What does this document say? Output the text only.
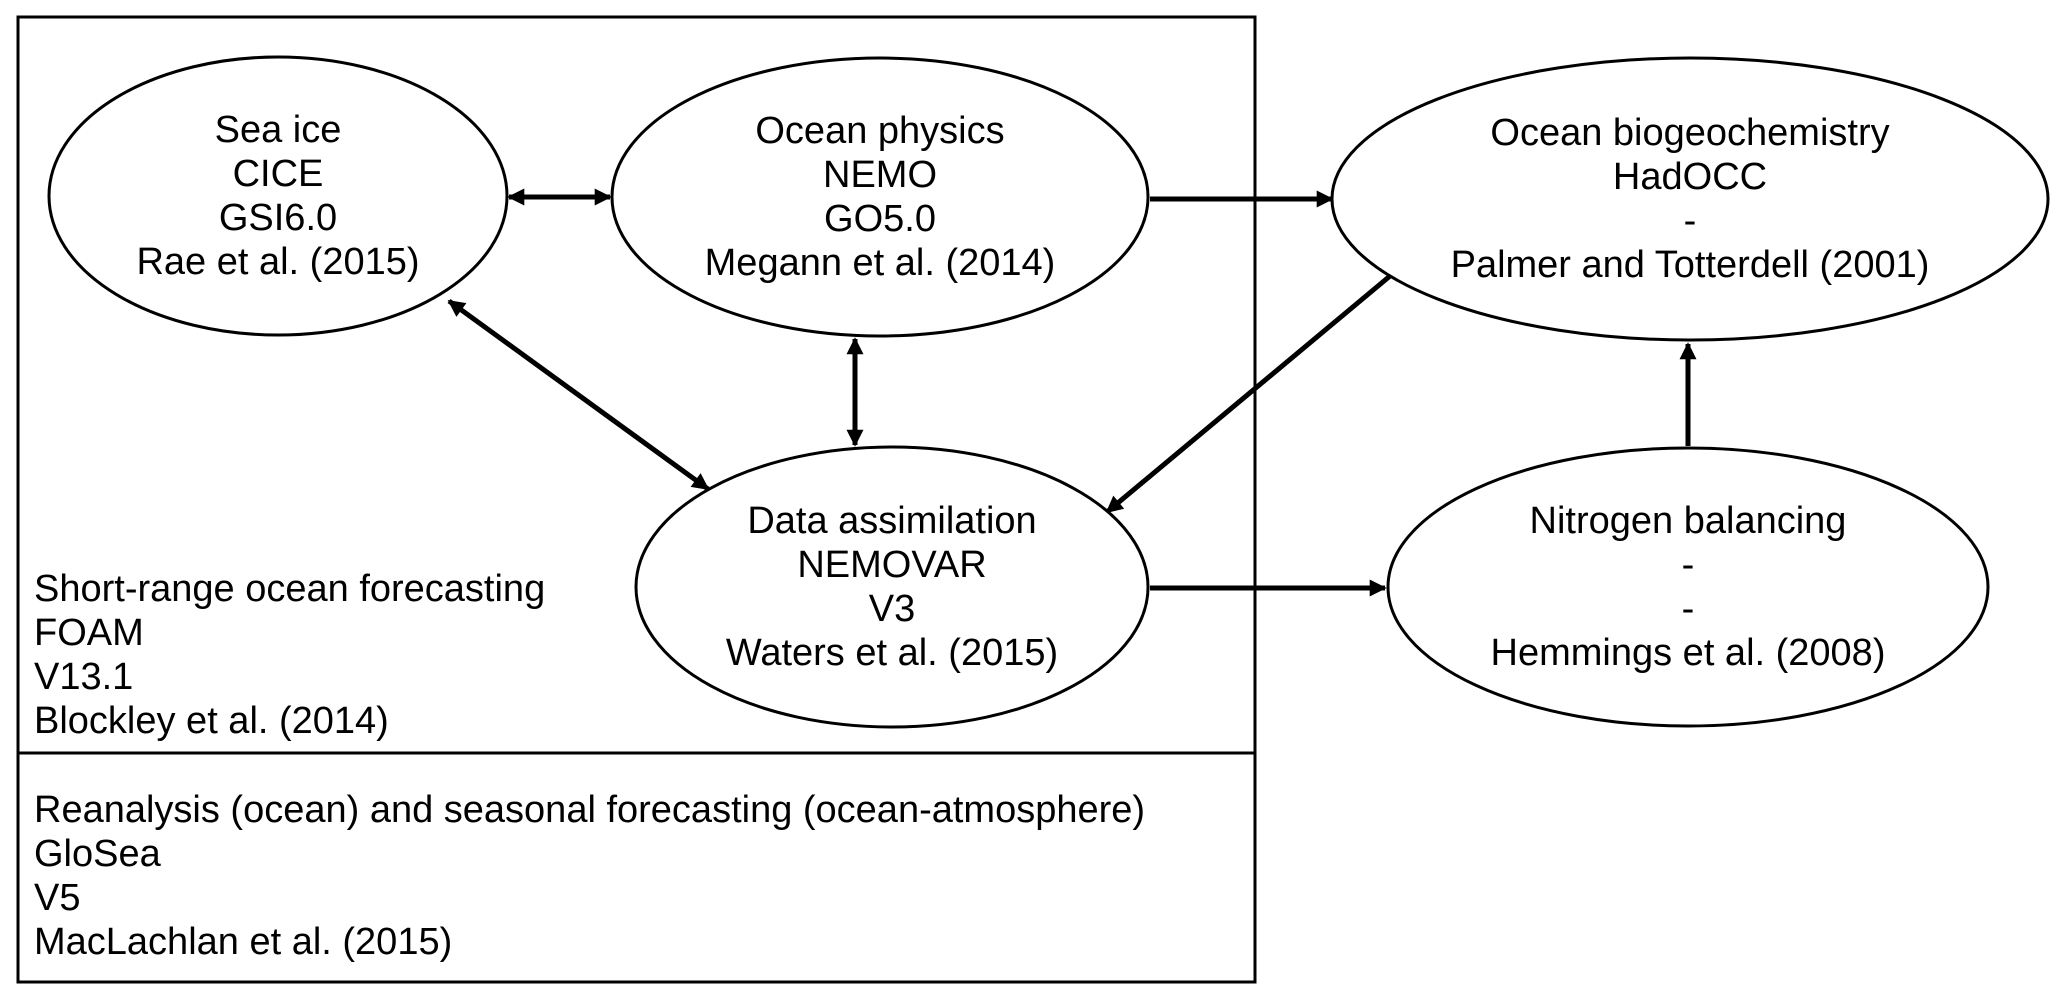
Sea ice
CICE
GSI6.0
Rae et al. (2015)
Ocean physics
NEMO
GO5.0
Megann et al. (2014)
Ocean biogeochemistry
HadOCC
-
Palmer and Totterdell (2001)
Data assimilation
NEMOVAR
V3
Waters et al. (2015)
Nitrogen balancing
-
-
Hemmings et al. (2008)
Short-range ocean forecasting
FOAM
V13.1
Blockley et al. (2014)
Reanalysis (ocean) and seasonal forecasting (ocean-atmosphere)
GloSea
V5
MacLachlan et al. (2015)
